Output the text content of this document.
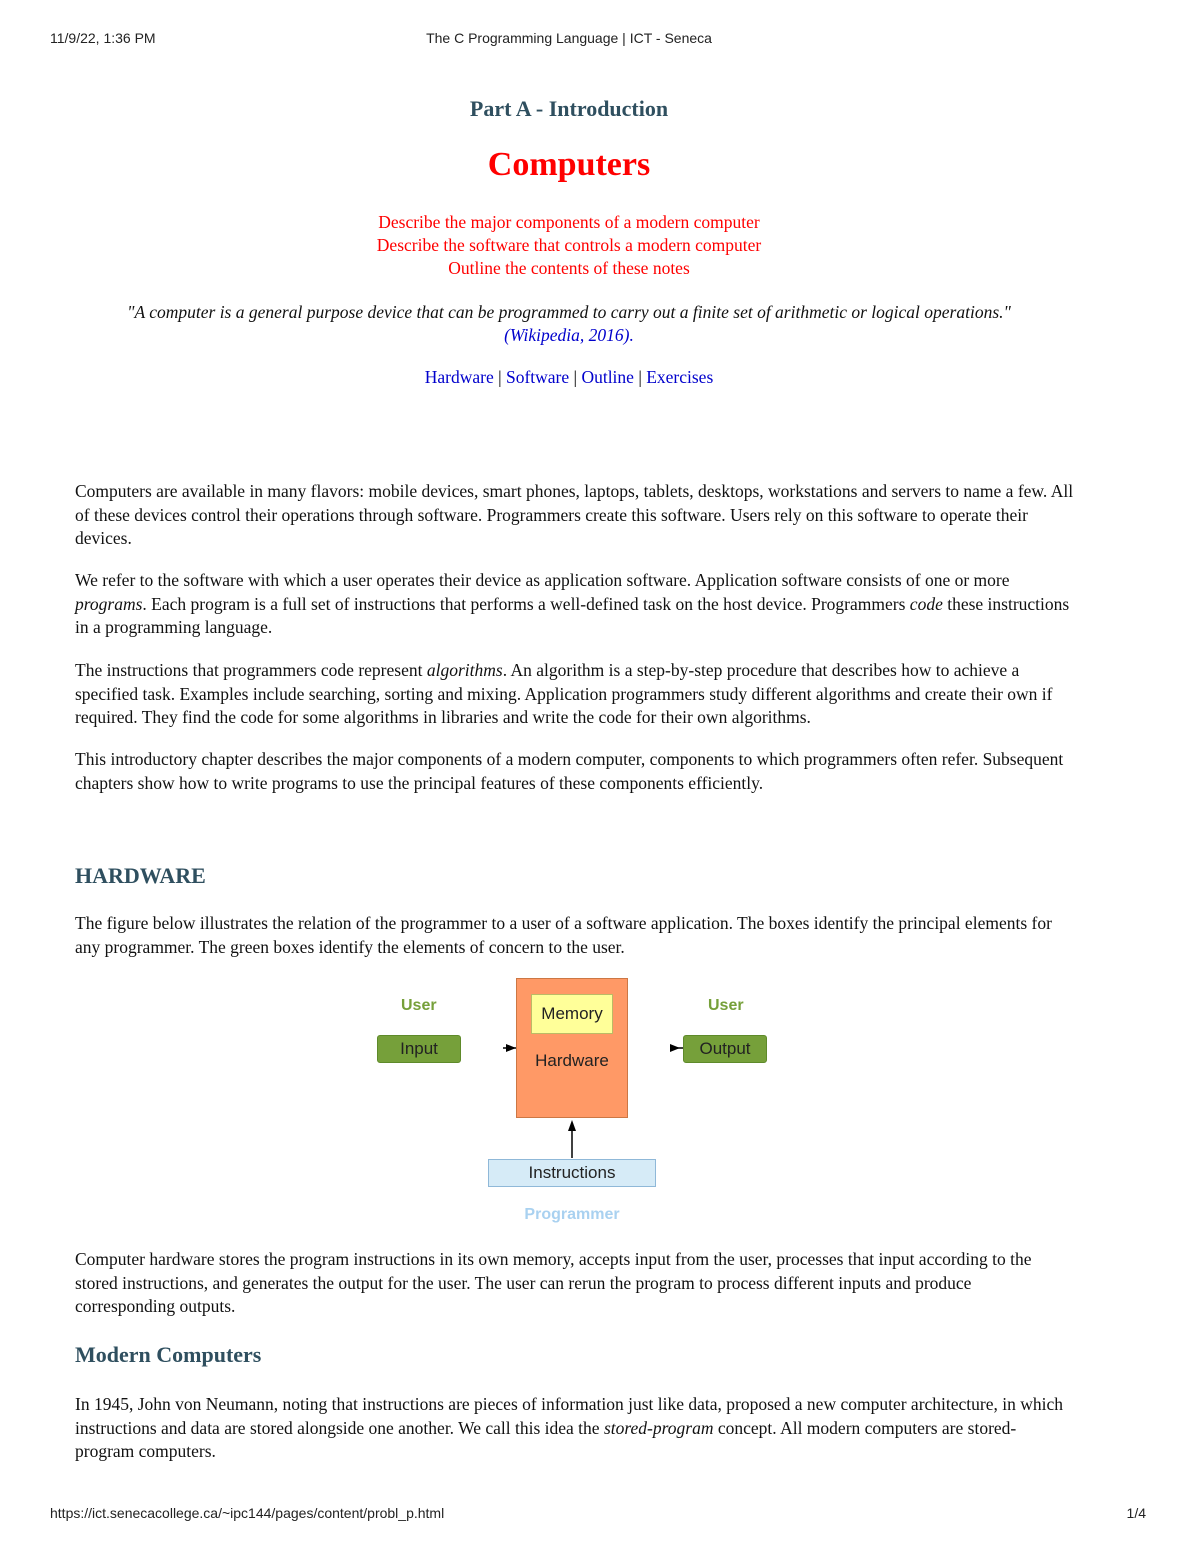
11/9/22, 1:36 PM	The C Programming Language | ICT - Seneca
Part A - Introduction
Computers
Describe the major components of a modern computer
Describe the software that controls a modern computer
Outline the contents of these notes
"A computer is a general purpose device that can be programmed to carry out a finite set of arithmetic or logical operations."
(Wikipedia, 2016).
Hardware | Software | Outline | Exercises

Computers are available in many flavors: mobile devices, smart phones, laptops, tablets, desktops, workstations and servers to name a few. All of these devices control their operations through software. Programmers create this software. Users rely on this software to operate their devices.

We refer to the software with which a user operates their device as application software. Application software consists of one or more programs. Each program is a full set of instructions that performs a well-defined task on the host device. Programmers code these instructions in a programming language.

The instructions that programmers code represent algorithms. An algorithm is a step-by-step procedure that describes how to achieve a specified task. Examples include searching, sorting and mixing. Application programmers study different algorithms and create their own if required. They find the code for some algorithms in libraries and write the code for their own algorithms.

This introductory chapter describes the major components of a modern computer, components to which programmers often refer. Subsequent chapters show how to write programs to use the principal features of these components efficiently.

HARDWARE

The figure below illustrates the relation of the programmer to a user of a software application. The boxes identify the principal elements for any programmer. The green boxes identify the elements of concern to the user.

Computer hardware stores the program instructions in its own memory, accepts input from the user, processes that input according to the stored instructions, and generates the output for the user. The user can rerun the program to process different inputs and produce corresponding outputs.

Modern Computers

In 1945, John von Neumann, noting that instructions are pieces of information just like data, proposed a new computer architecture, in which instructions and data are stored alongside one another. We call this idea the stored-program concept. All modern computers are stored-program computers.

User	User
Input
Memory
Hardware
Output
Instructions
Programmer
https://ict.senecacollege.ca/~ipc144/pages/content/probl_p.html	1/4
